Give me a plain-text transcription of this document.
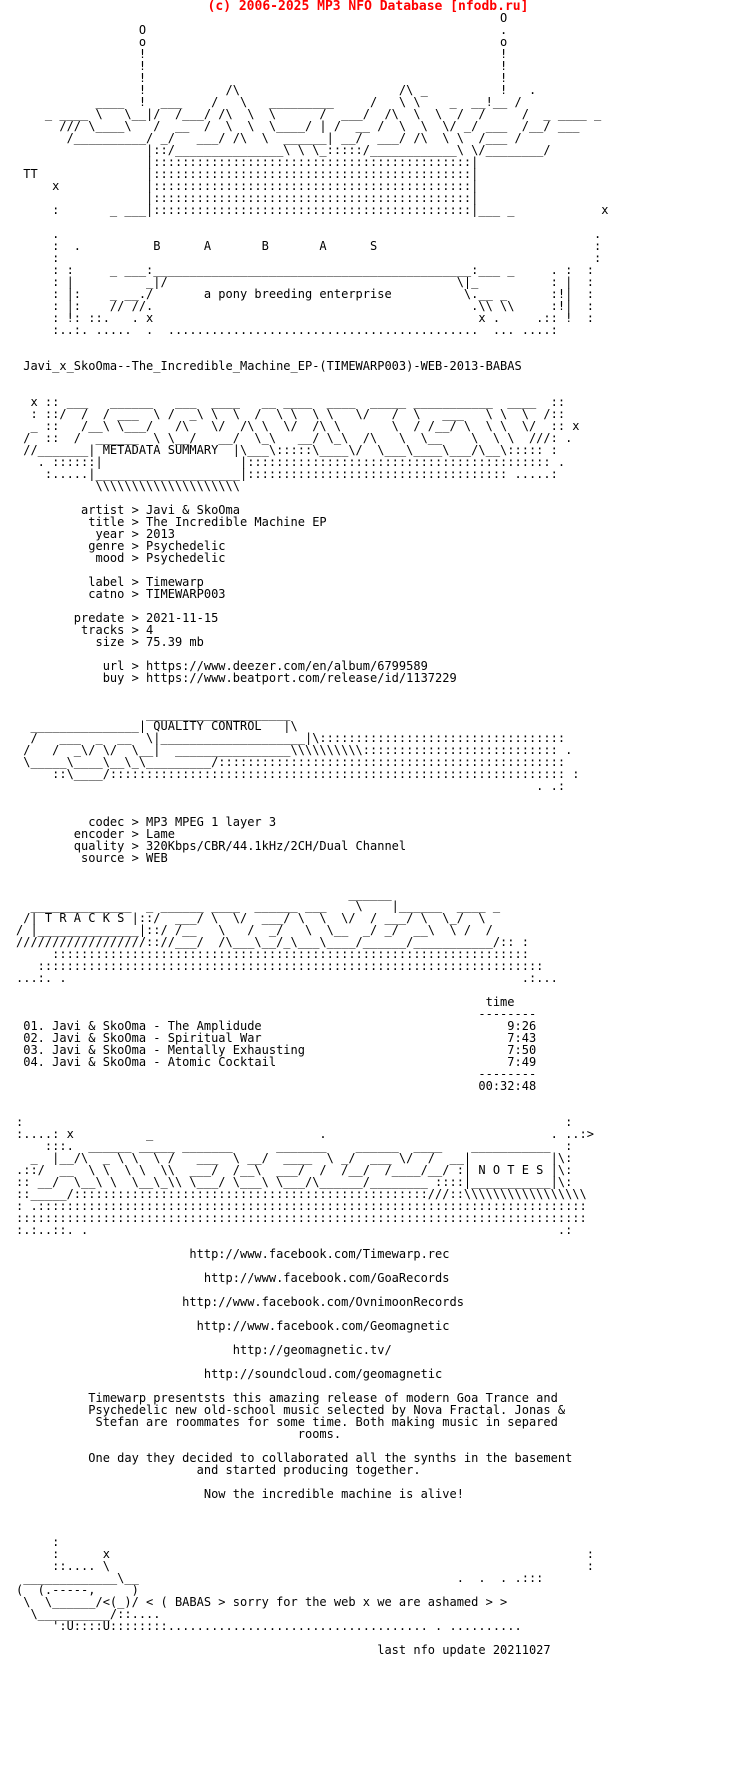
(c) 2006-2025 MP3 NFO Database [nfodb.ru]
O
O                                                 .
o                                                 o
!                                                 !
!                                                 !
!                                                 !
!           /\                      /\ _          !   .
____  !  ___    /   \   _________     /   \ \    _  __!__ /
_ ____ \   \__|/  /___/ /\  \  \      /  ___/  /\  \  \  /  /     /  _ ____ _
/// \____\   /  __  /  \  \  \____/ | /  __ /  \  \  \/ _/ ___  /__/ ___
/__________/ _/   ___/ /\  \  ______| __/  ___/ /\  \ \  /___ /
|::/_______________\ \ \_:::::/____________\ \/________/
|::::::::::::::::::::::::::::::::::::::::::::|
TT               |::::::::::::::::::::::::::::::::::::::::::::|
x            |::::::::::::::::::::::::::::::::::::::::::::|
|::::::::::::::::::::::::::::::::::::::::::::|
:       _ ___|::::::::::::::::::::::::::::::::::::::::::::|___ _            x

.                                                                          .
:  .          B      A       B       A      S                              :
:                                                                          :
: :     _ ___:____________________________________________:___ _     . :  :
: |          _|/                                        \|_          : |  :
: |:    _ __./       a pony breeding enterprise          \.__ _      :!|  :
: |:    // //.                                            .\\ \\     :!|  :
: !: ::.   . x                                             x .     .:: !  :
:..:. .....  .  ...........................................  ... ....:

Javi_x_SkoOma--The_Incredible_Machine_EP-(TIMEWARP003)-WEB-2013-BABAS

x :: ___   ______   ___  ____   __ ____  ____  _____ ___________  ____  ::
: ::/  /  / ___  \ /  _\ \  \  /  \ \  \ \   \/   /  \   ___   \ \  \  /::
_ ::   /__\ \___/   /\   \/  /\ \  \/  /\ \       \  / /__/ \  \ \  \/  :: x
/  ::  /  ______  \ \__/   __/  \_\   __/ \_\  /\   \  \__    \  \ \  ///: .
//_______| METADATA SUMMARY  |\___\:::::\____\/  \___\____\___/\__\::::: :
. ::::::|                   |:::::::::::::::::::::::::::::::::::::::::: .
:.....|____________________|:::::::::::::::::::::::::::::::::::: .....:
\\\\\\\\\\\\\\\\\\\\

artist > Javi & SkoOma
title > The Incredible Machine EP
year > 2013
genre > Psychedelic
mood > Psychedelic

label > Timewarp
catno > TIMEWARP003

predate > 2021-11-15
tracks > 4
size > 75.39 mb

url > https://www.deezer.com/en/album/6799589
buy > https://www.beatport.com/release/id/1137229

____________________
_______________| QUALITY CONTROL   |\
/   ___  _  __  \|____________________|\::::::::::::::::::::::::::::::::::
/   /  _\/ \/  \__|  ________________\\\\\\\\\\::::::::::::::::::::::::::: .
\_____\____\__\_\_________/::::::::::::::::::::::::::::::::::::::::::::::::
::\____/::::::::::::::::::::::::::::::::::::::::::::::::::::::::::::::: :
. .:

codec > MP3 MPEG 1 layer 3
encoder > Lame
quality > 320Kbps/CBR/44.1kHz/2CH/Dual Channel
source > WEB

______
______________  _ ______ ____  ______ ___    \    |______  ____ _
/| T R A C K S |::/  ___/ \  \/  ___/ \  \  \/  / ___/ \  \_/  \
/ |______________|::/ /__   \   /  _/   \  \__  _/ _/  __\  \ /  /
//////////////////:://___/  /\___\__/_\___\____/______/___________/:: :
::::::::::::::::::::::::::::::::::::::::::::::::::::::::::::::::::
::::::::::::::::::::::::::::::::::::::::::::::::::::::::::::::::::::::
...:. .                                                               .:...

time
--------
01. Javi & SkoOma - The Amplidude                                  9:26
02. Javi & SkoOma - Spiritual War                                  7:43
03. Javi & SkoOma - Mentally Exhausting                            7:50
04. Javi & SkoOma - Atomic Cocktail                                7:49
--------
00:32:48

:                                                                           :
:....: x          _                       .                               . ..:>
:::.  ______ _____ _______      _______    ______  ____    ___________  :
_  |__/\  _ \ \  \ /   ___  \ __/  ____  \ _/  ___ \/  /  __|           |\:
.::/  __  \ \  \ \  \\  ___/  /__\  ___/  /  /__/  /____/__/ :| N O T E S |\:
:: __/  \__\ \  \__\_\\ \___/ \___\ \___/\______/________ ::::|___________|\:
::_____/:::::::::::::::::::::::::::::::::::::::::::::::::///::\\\\\\\\\\\\\\\\\
: .::::::::::::::::::::::::::::::::::::::::::::::::::::::::::::::::::::::::::::
:::::::::::::::::::::::::::::::::::::::::::::::::::::::::::::::::::::::::::::::
:.:..::. .                                                                 .:

http://www.facebook.com/Timewarp.rec

http://www.facebook.com/GoaRecords

http://www.facebook.com/OvnimoonRecords

http://www.facebook.com/Geomagnetic

http://geomagnetic.tv/

http://soundcloud.com/geomagnetic

Timewarp presentsts this amazing release of modern Goa Trance and
Psychedelic new old-school music selected by Nova Fractal. Jonas &
Stefan are roommates for some time. Both making music in separed
rooms.

One day they decided to collaborated all the synths in the basement
and started producing together.

Now the incredible machine is alive!

:
:      x                                                                  :
::.... \                                                                  :
_____________\__                                            .  .  . .:::
(  (.-----,     )
\  \______/<(_)/ < ( BABAS > sorry for the web x we are ashamed > >
\__________/::....
':U::::U::::::::.................................... . ..........

last nfo update 20211027
